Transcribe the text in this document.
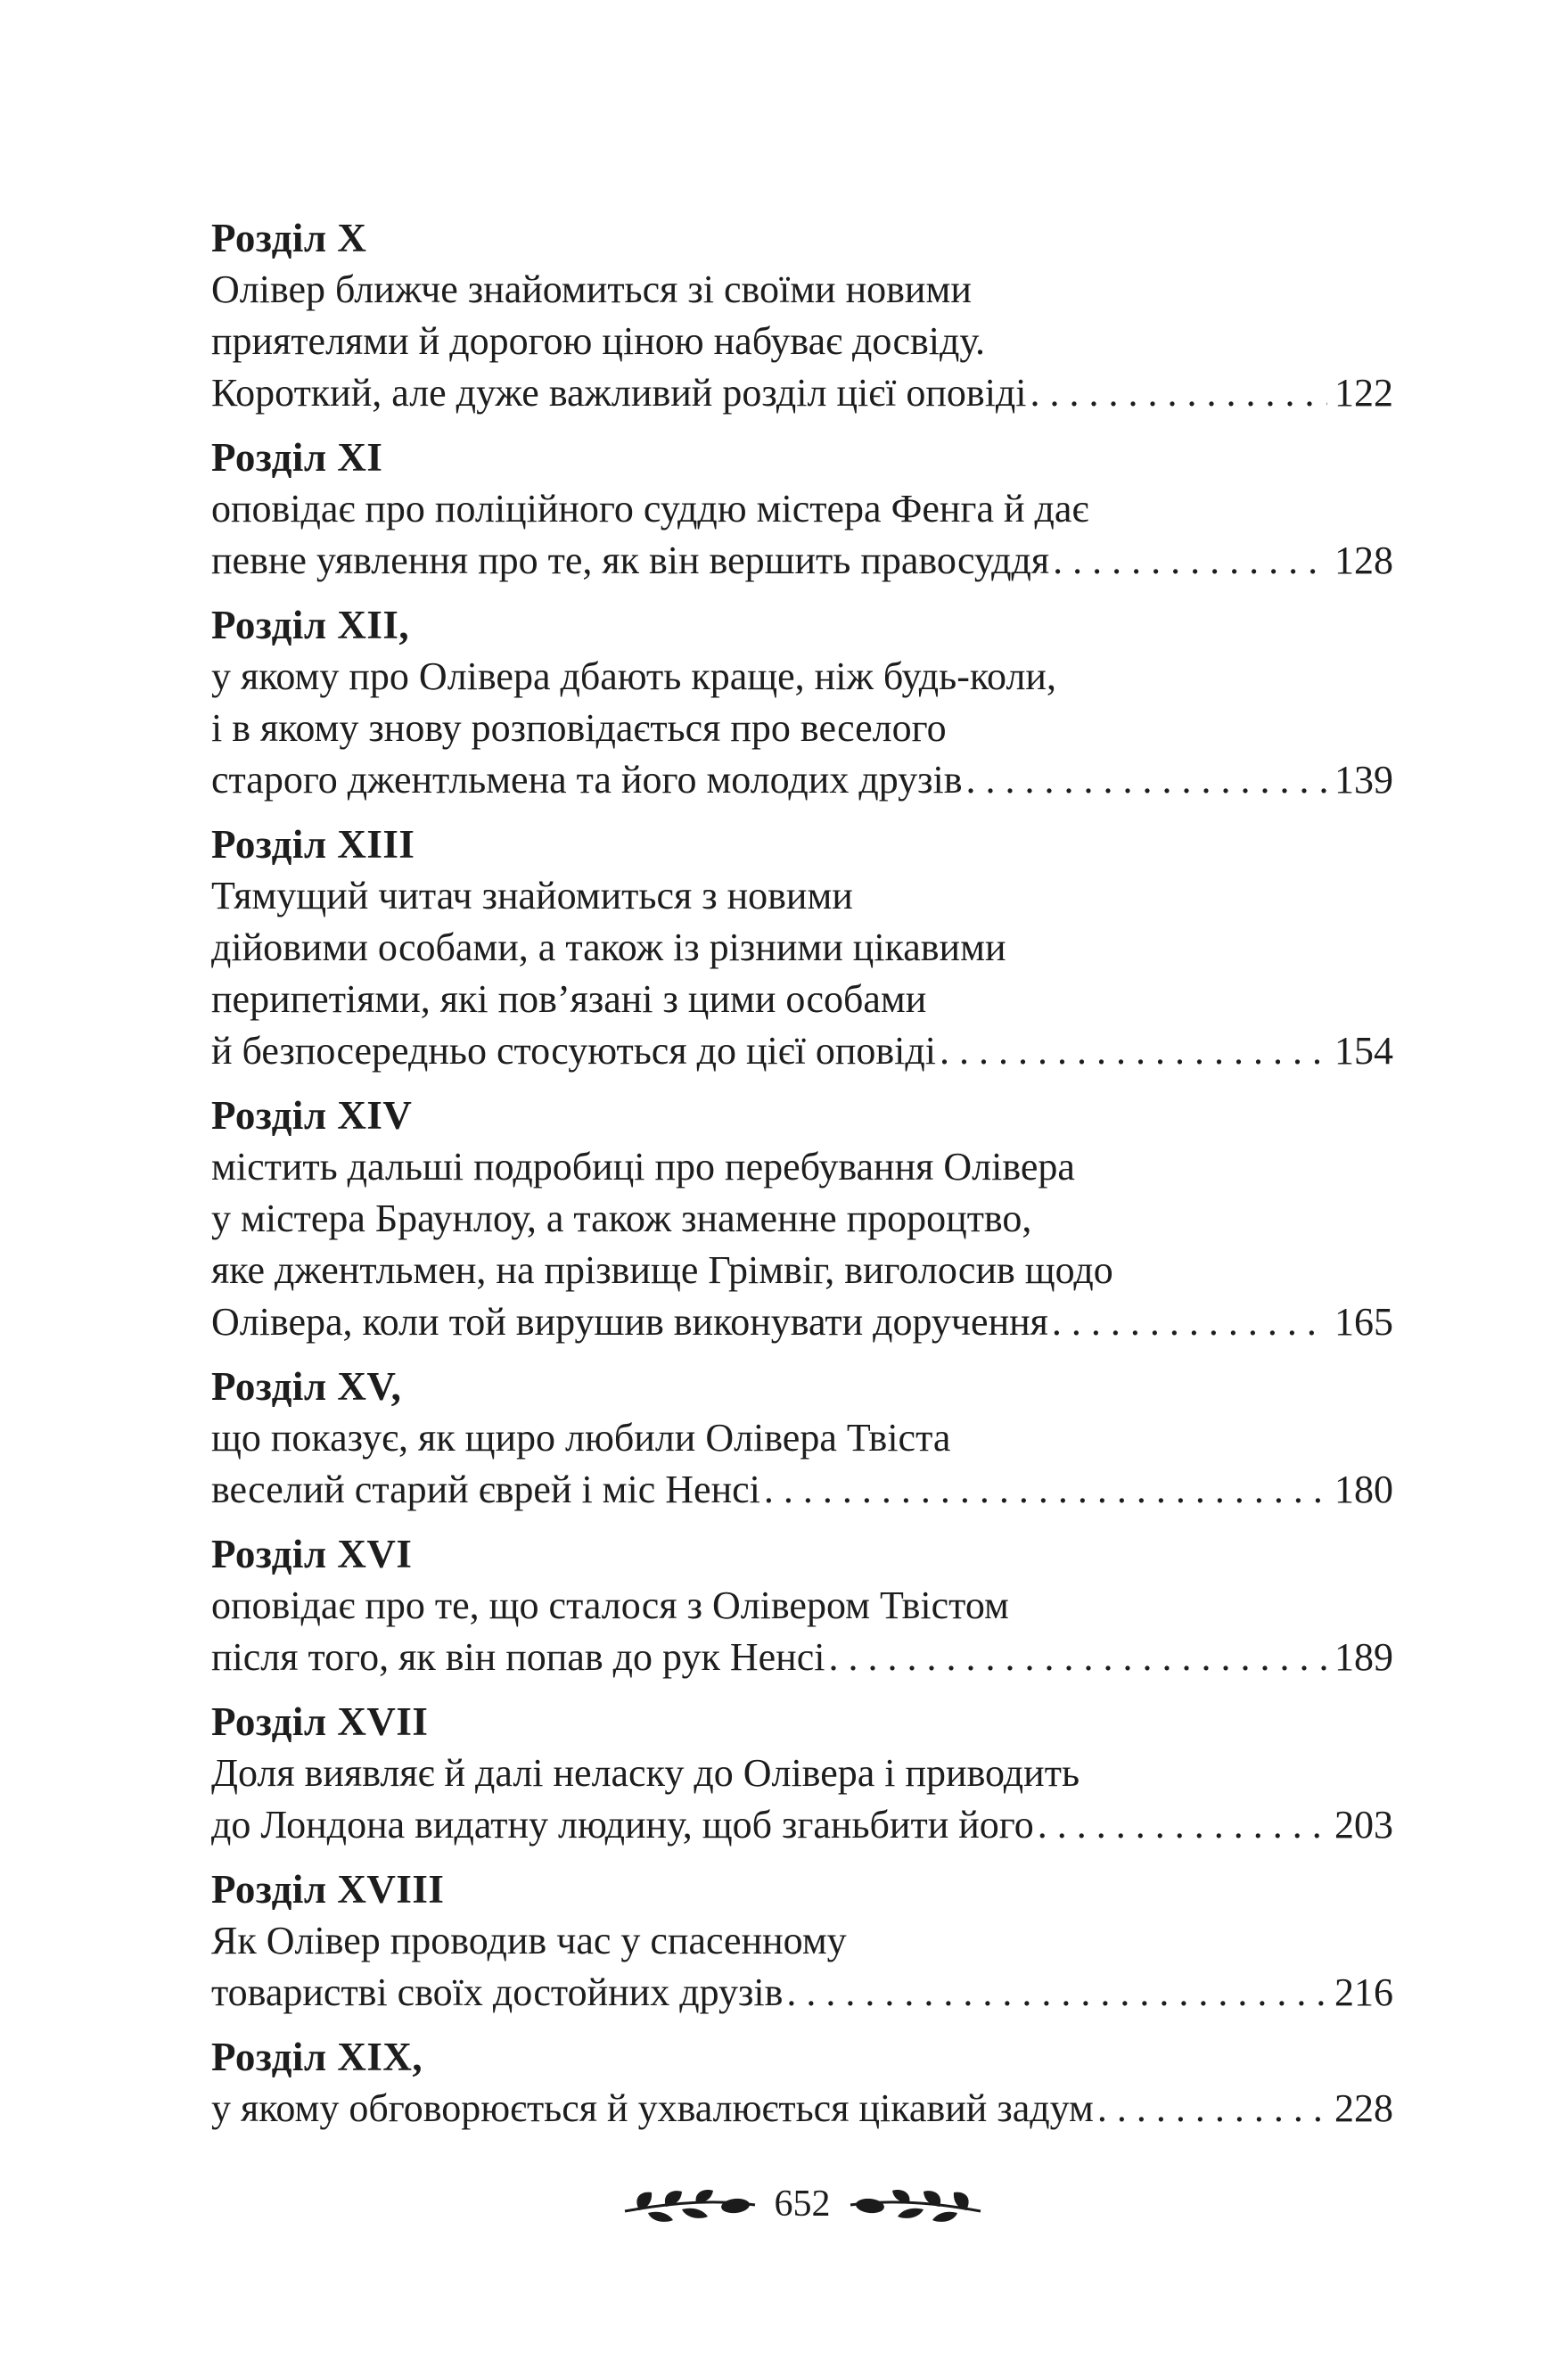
Розділ X
Олівер ближче знайомиться зі своїми новими
приятелями й дорогою ціною набуває досвіду.
Короткий, але дуже важливий розділ цієї оповіді . . .	122
Розділ XI
оповідає про поліційного суддю містера Фенга й дає
певне уявлення про те, як він вершить правосуддя . . .	128
Розділ XII,
у якому про Олівера дбають краще, ніж будь-коли,
і в якому знову розповідається про веселого
старого джентльмена та його молодих друзів . . .	139
Розділ XIII
Тямущий читач знайомиться з новими
дійовими особами, а також із різними цікавими
перипетіями, які пов’язані з цими особами
й безпосередньо стосуються до цієї оповіді . . .	154
Розділ XIV
містить дальші подробиці про перебування Олівера
у містера Браунлоу, а також знаменне пророцтво,
яке джентльмен, на прізвище Грімвіг, виголосив щодо
Олівера, коли той вирушив виконувати доручення . . .	165
Розділ XV,
що показує, як щиро любили Олівера Твіста
веселий старий єврей і міс Ненсі . . .	180
Розділ XVI
оповідає про те, що сталося з Олівером Твістом
після того, як він попав до рук Ненсі . . .	189
Розділ XVII
Доля виявляє й далі неласку до Олівера і приводить
до Лондона видатну людину, щоб зганьбити його . . .	203
Розділ XVIII
Як Олівер проводив час у спасенному
товаристві своїх достойних друзів . . .	216
Розділ XIX,
у якому обговорюється й ухвалюється цікавий задум . . .	228
652
